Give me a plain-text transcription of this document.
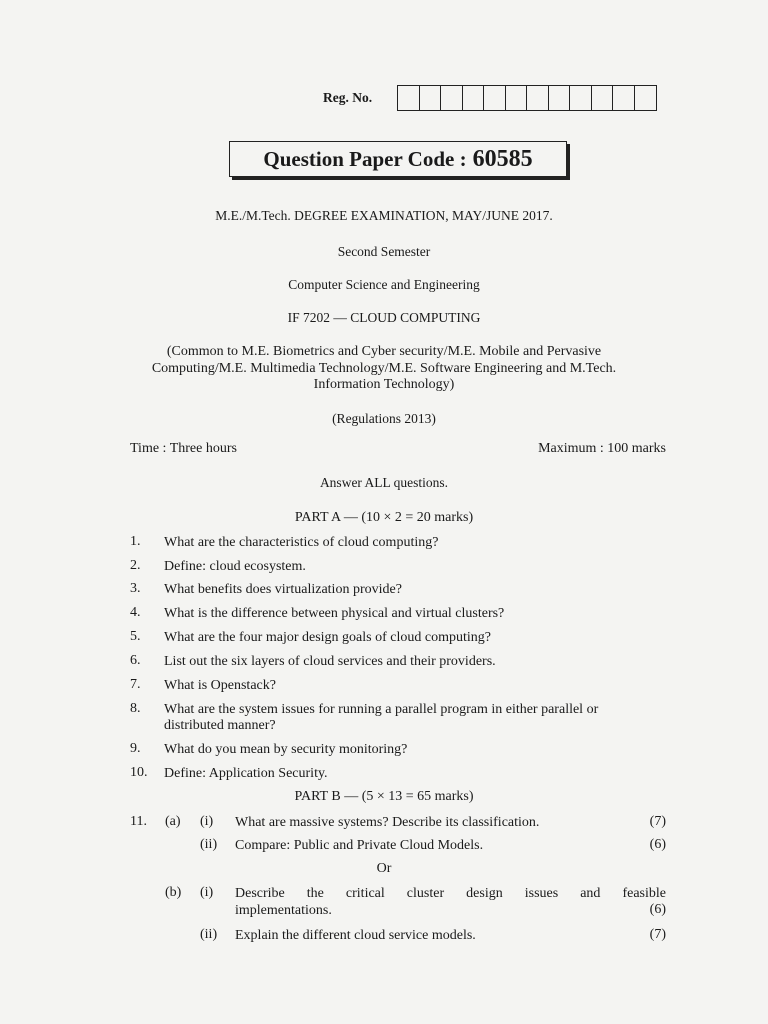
Reg. No.
Question Paper Code : 60585
M.E./M.Tech. DEGREE EXAMINATION, MAY/JUNE 2017.
Second Semester
Computer Science and Engineering
IF 7202 — CLOUD COMPUTING
(Common to M.E. Biometrics and Cyber security/M.E. Mobile and Pervasive
Computing/M.E. Multimedia Technology/M.E. Software Engineering and M.Tech.
Information Technology)
(Regulations 2013)
Time : Three hours	Maximum : 100 marks
Answer ALL questions.
PART A — (10 × 2 = 20 marks)
1. What are the characteristics of cloud computing?
2. Define: cloud ecosystem.
3. What benefits does virtualization provide?
4. What is the difference between physical and virtual clusters?
5. What are the four major design goals of cloud computing?
6. List out the six layers of cloud services and their providers.
7. What is Openstack?
8. What are the system issues for running a parallel program in either parallel or
distributed manner?
9. What do you mean by security monitoring?
10. Define: Application Security.
PART B — (5 × 13 = 65 marks)
11. (a) (i) What are massive systems? Describe its classification.	(7)
(ii) Compare: Public and Private Cloud Models.	(6)
Or
(b) (i) Describe the critical cluster design issues and feasible
implementations.	(6)
(ii) Explain the different cloud service models.	(7)
